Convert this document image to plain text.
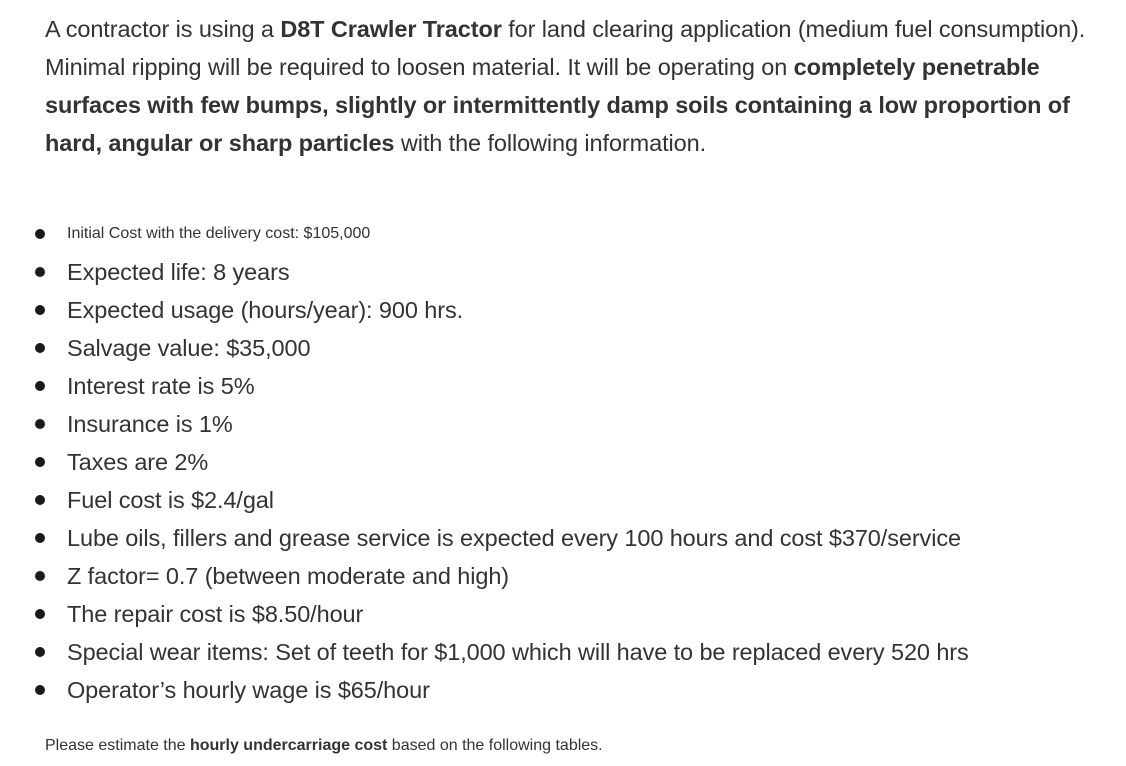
A contractor is using a D8T Crawler Tractor for land clearing application (medium fuel consumption). Minimal ripping will be required to loosen material. It will be operating on completely penetrable surfaces with few bumps, slightly or intermittently damp soils containing a low proportion of hard, angular or sharp particles with the following information.

Initial Cost with the delivery cost: $105,000
Expected life: 8 years
Expected usage (hours/year): 900 hrs.
Salvage value: $35,000
Interest rate is 5%
Insurance is 1%
Taxes are 2%
Fuel cost is $2.4/gal
Lube oils, fillers and grease service is expected every 100 hours and cost $370/service
Z factor= 0.7 (between moderate and high)
The repair cost is $8.50/hour
Special wear items: Set of teeth for $1,000 which will have to be replaced every 520 hrs
Operator’s hourly wage is $65/hour

Please estimate the hourly undercarriage cost based on the following tables.
